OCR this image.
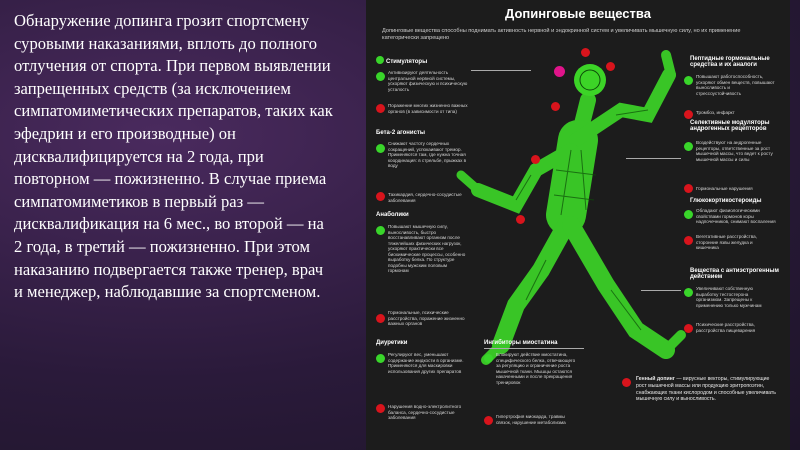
Обнаружение допинга грозит спортсмену суровыми наказаниями, вплоть до полного отлучения от спорта. При первом выявлении запрещенных средств (за исключением симпатомиметических препаратов, таких как эфедрин и его производные) он дисквалифицируется на 2 года, при повторном — пожизненно. В случае приема симпатомиметиков в первый раз — дисквалификация на 6 мес., во второй — на 2 года, в третий — пожизненно. При этом наказанию подвергается также тренер, врач и менеджер, наблюдавшие за спортсменом.
Допинговые вещества
Допинговые вещества способны поднимать активность нервной и эндокринной систем и увеличивать мышечную силу, но их применение категорически запрещено
Стимуляторы
Активизируют деятельность центральной нервной системы, ускоряют физическую и психическую усталость
Поражение многих жизненно важных органов (в зависимости от типа)
Бета-2 агонисты
Снижают частоту сердечных сокращений, успокаивают тремор. Применяются там, где нужна точная координация: в стрельбе, прыжках в воду
Тахикардия, сердечно-сосудистые заболевания
Анаболики
Повышают мышечную силу, выносливость, быстро восстанавливают организм после тяжелейших физических нагрузок, ускоряют практически все биохимические процессы, особенно выработку белка. По структуре подобны мужским половым гормонам
Гормональные, психические расстройства, поражение жизненно важных органов
Диуретики
Регулируют вес, уменьшают содержание жидкости в организме. Применяются для маскировки использования других препаратов
Нарушения водно-электролитного баланса, сердечно-сосудистые заболевания
Ингибиторы миостатина
Блокируют действие миостатина, специфического белка, отвечающего за регуляцию и ограничение роста мышечной ткани. Мышцы остаются накаченными и после прекращения тренировок
Гипертрофия миокарда, травмы связок, нарушение метаболизма
Пептидные гормональные средства и их аналоги
Повышают работоспособность, ускоряют обмен веществ, повышают выносливость и стрессоустойчивость
Тромбоз, инфаркт
Селективные модуляторы андрогенных рецепторов
Воздействуют на андрогенные рецепторы, ответственные за рост мышечной массы, что ведет к росту мышечной массы и силы
Гормональные нарушения
Глюкокортикостероиды
Обладают физиологическими свойствами гормонов коры надпочечников, снимают воспаления
Вегетативные расстройства, сторонние язвы желудка и кишечника
Вещества с антиэстрогенным действием
Увеличивают собственную выработку тестостерона организмом. Запрещены к применению только мужчинам
Психические расстройства, расстройства пищеварения
Генный допинг — вирусные векторы, стимулирующие рост мышечной массы или продукцию эритропоэтин, снабжающих ткани кислородом и способные увеличивать мышечную силу и выносливость.
